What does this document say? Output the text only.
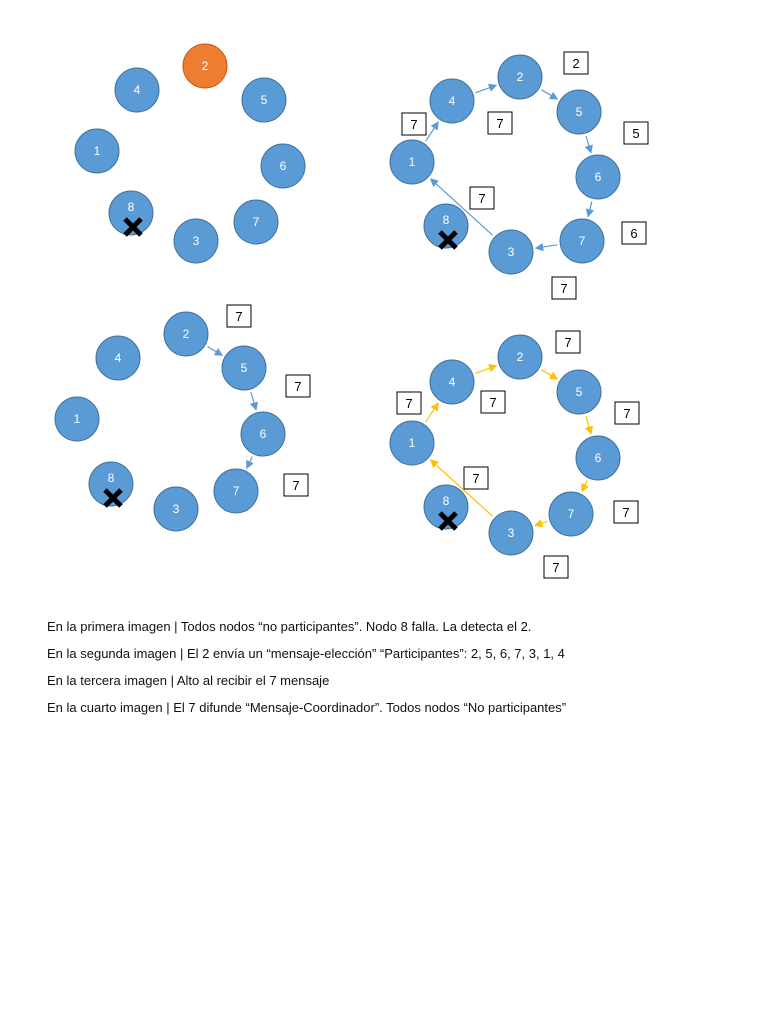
2
4
5
1
6
8
7
3
4
2
5
1
6
8
3
7
2
5
6
7
7
7	7
2
4
5
1
6
8
7
3
7
7
7
2
4
5
1
6
8
7
3
7
7
7
7
7
7	7
En la primera imagen | Todos nodos “no participantes”. Nodo 8 falla. La detecta el 2.
En la segunda imagen | El 2 envía un “mensaje-elección” “Participantes”: 2, 5, 6, 7, 3, 1, 4
En la tercera imagen | Alto al recibir el 7 mensaje
En la cuarto imagen | El 7 difunde “Mensaje-Coordinador”. Todos nodos “No participantes”
